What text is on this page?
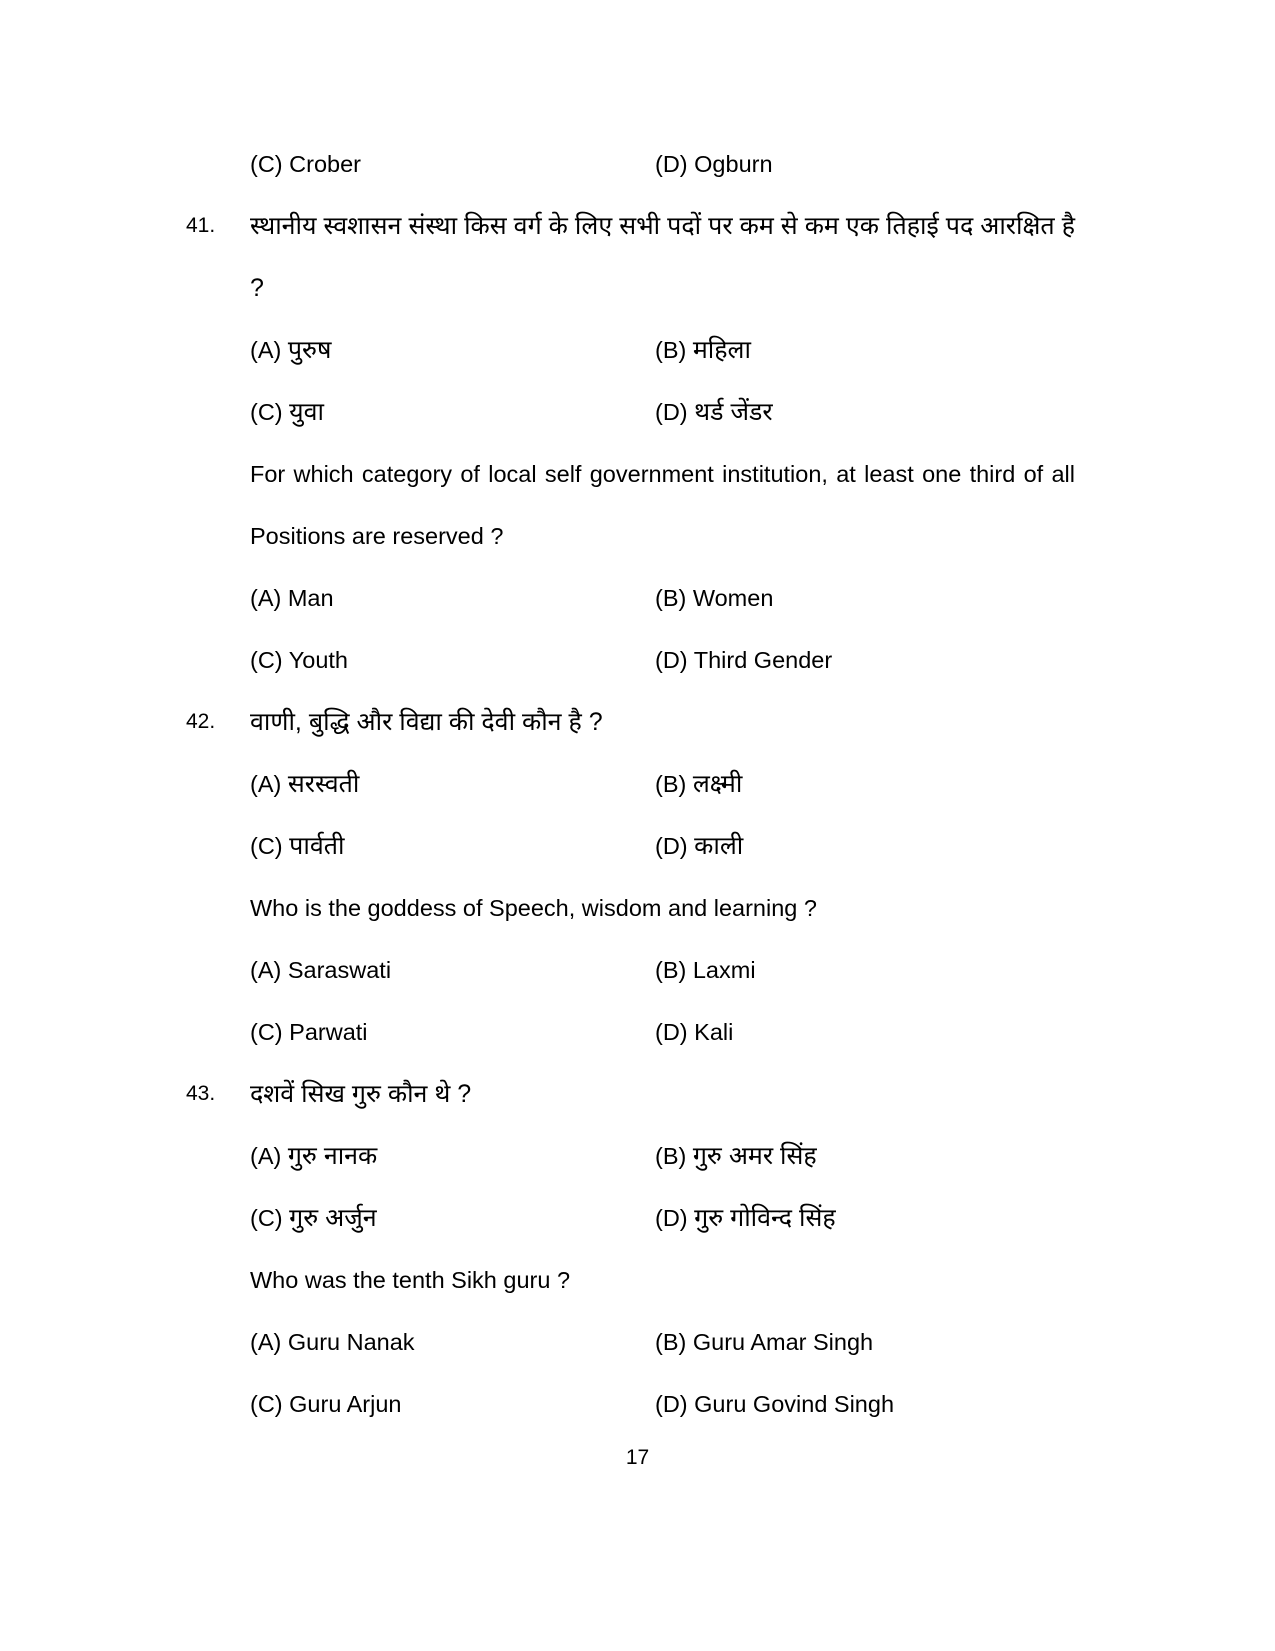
(C) Crober	(D) Ogburn

41.	स्थानीय स्वशासन संस्था किस वर्ग के लिए सभी पदों पर कम से कम एक तिहाई पद आरक्षित है ?

(A) पुरुष	(B) महिला

(C) युवा	(D) थर्ड जेंडर

For which category of local self government institution, at least one third of all Positions are reserved ?

(A) Man	(B) Women

(C) Youth	(D) Third Gender

42.	वाणी, बुद्धि और विद्या की देवी कौन है ?

(A) सरस्वती	(B) लक्ष्मी

(C) पार्वती	(D) काली

Who is the goddess of Speech, wisdom and learning ?

(A) Saraswati	(B) Laxmi

(C) Parwati	(D) Kali

43.	दशवें सिख गुरु कौन थे ?

(A) गुरु नानक	(B) गुरु अमर सिंह

(C) गुरु अर्जुन	(D) गुरु गोविन्द सिंह

Who was the tenth Sikh guru ?

(A) Guru Nanak	(B) Guru Amar Singh

(C) Guru Arjun	(D) Guru Govind Singh

17
